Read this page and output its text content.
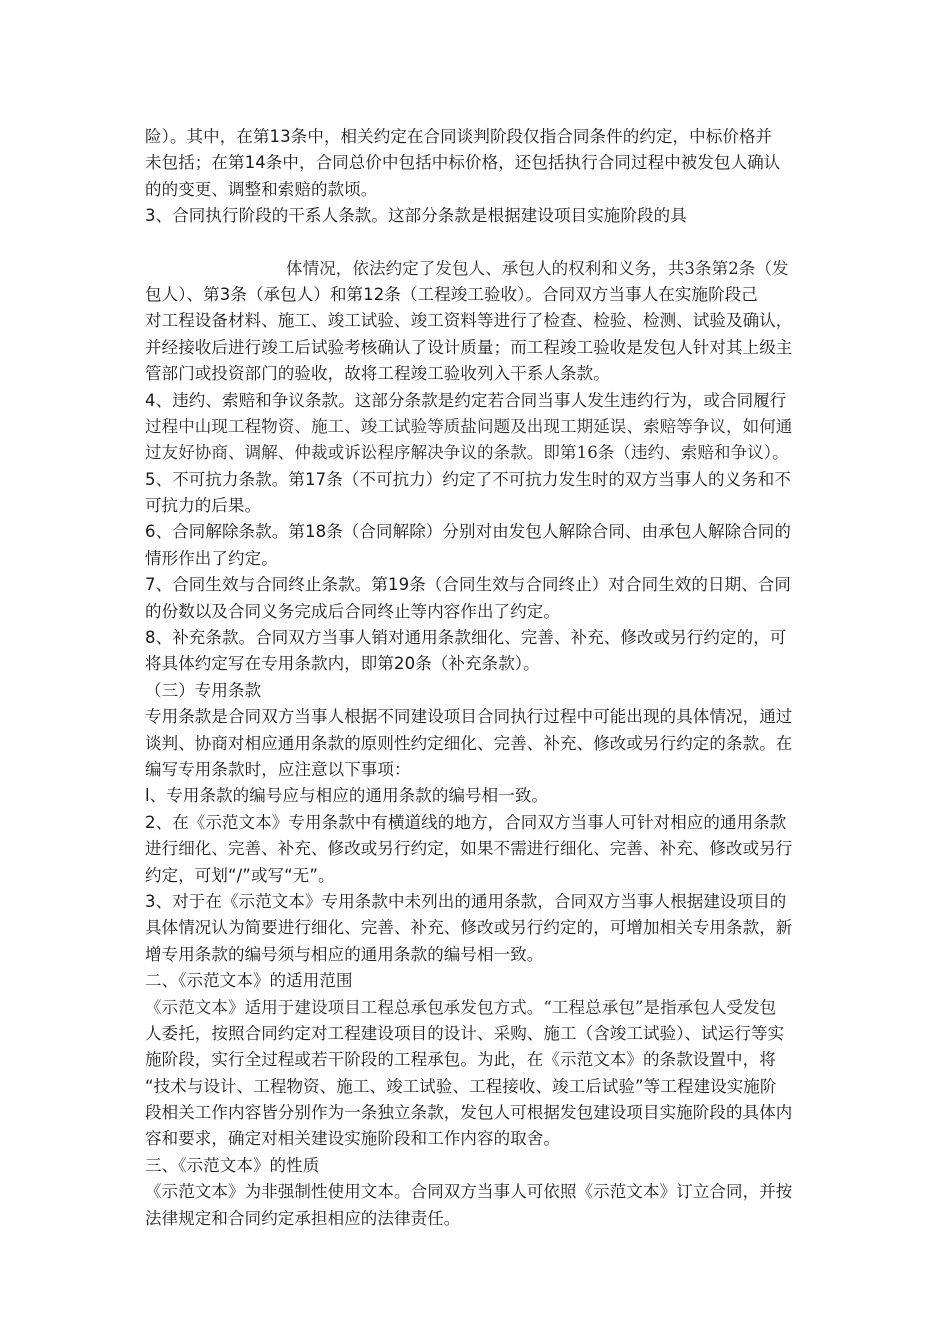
险）。其中，在第13条中，相关约定在合同谈判阶段仅指合同条件的约定，中标价格并
未包括；在第14条中，合同总价中包括中标价格，还包括执行合同过程中被发包人确认
的的变更、调整和索赔的款顷。
3、合同执行阶段的干系人条款。这部分条款是根据建设项目实施阶段的具
体情况，依法约定了发包人、承包人的权利和义务，共3条第2条（发
包人）、第3条（承包人）和第12条（工程竣工验收）。合同双方当事人在实施阶段己
对工程设备材料、施工、竣工试验、竣工资料等进行了检查、检验、检测、试验及确认，
并经接收后进行竣工后试验考核确认了设计质量；而工程竣工验收是发包人针对其上级主
管部门或投资部门的验收，故将工程竣工验收列入干系人条款。
4、违约、索赔和争议条款。这部分条款是约定若合同当事人发生违约行为，或合同履行
过程中山现工程物资、施工、竣工试验等质盐问题及出现工期延误、索赔等争议，如何通
过友好协商、调解、仲裁或诉讼程序解决争议的条款。即第16条（违约、索赔和争议）。
5、不可抗力条款。第17条（不可抗力）约定了不可抗力发生时的双方当事人的义务和不
可抗力的后果。
6、合同解除条款。第18条（合同解除）分别对由发包人解除合同、由承包人解除合同的
情形作出了约定。
7、合同生效与合同终止条款。第19条（合同生效与合同终止）对合同生效的日期、合同
的份数以及合同义务完成后合同终止等内容作出了约定。
8、补充条款。合同双方当事人销对通用条款细化、完善、补充、修改或另行约定的，可
将具体约定写在专用条款内，即第20条（补充条款）。
（三）专用条款
专用条款是合同双方当事人根据不同建设项目合同执行过程中可能出现的具体情况，通过
谈判、协商对相应通用条款的原则性约定细化、完善、补充、修改或另行约定的条款。在
编写专用条款时，应注意以下事项：
l、专用条款的编号应与相应的通用条款的编号相一致。
2、在《示范文本》专用条款中有横道线的地方，合同双方当事人可针对相应的通用条款
进行细化、完善、补充、修改或另行约定，如果不需进行细化、完善、补充、修改或另行
约定，可划“/”或写“无”。
3、对于在《示范文本》专用条款中未列出的通用条款，合同双方当事人根据建设项目的
具体情况认为简要进行细化、完善、补充、修改或另行约定的，可增加相关专用条款，新
增专用条款的编号须与相应的通用条款的编号相一致。
二、《示范文本》的适用范围
《示范文本》适用于建设项目工程总承包承发包方式。“工程总承包”是指承包人受发包
人委托，按照合同约定对工程建设项目的设计、采购、施工（含竣工试验）、试运行等实
施阶段，实行全过程或若干阶段的工程承包。为此，在《示范文本》的条款设置中，将
“技术与设计、工程物资、施工、竣工试验、工程接收、竣工后试验”等工程建设实施阶
段相关工作内容皆分别作为一条独立条款，发包人可根据发包建设项目实施阶段的具体内
容和要求，确定对相关建设实施阶段和工作内容的取舍。
三、《示范文本》的性质
《示范文本》为非强制性使用文本。合同双方当事人可依照《示范文本》订立合同，并按
法律规定和合同约定承担相应的法律责任。
